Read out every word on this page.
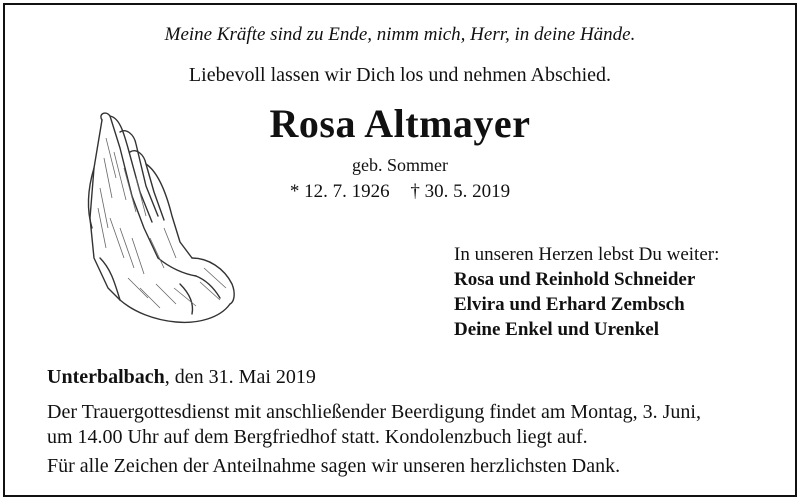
Meine Kräfte sind zu Ende, nimm mich, Herr, in deine Hände.
Liebevoll lassen wir Dich los und nehmen Abschied.
Rosa Altmayer
geb. Sommer
* 12. 7. 1926 † 30. 5. 2019
In unseren Herzen lebst Du weiter:
Rosa und Reinhold Schneider
Elvira und Erhard Zembsch
Deine Enkel und Urenkel
Unterbalbach, den 31. Mai 2019
Der Trauergottesdienst mit anschließender Beerdigung findet am Montag, 3. Juni,
um 14.00 Uhr auf dem Bergfriedhof statt. Kondolenzbuch liegt auf.
Für alle Zeichen der Anteilnahme sagen wir unseren herzlichsten Dank.
